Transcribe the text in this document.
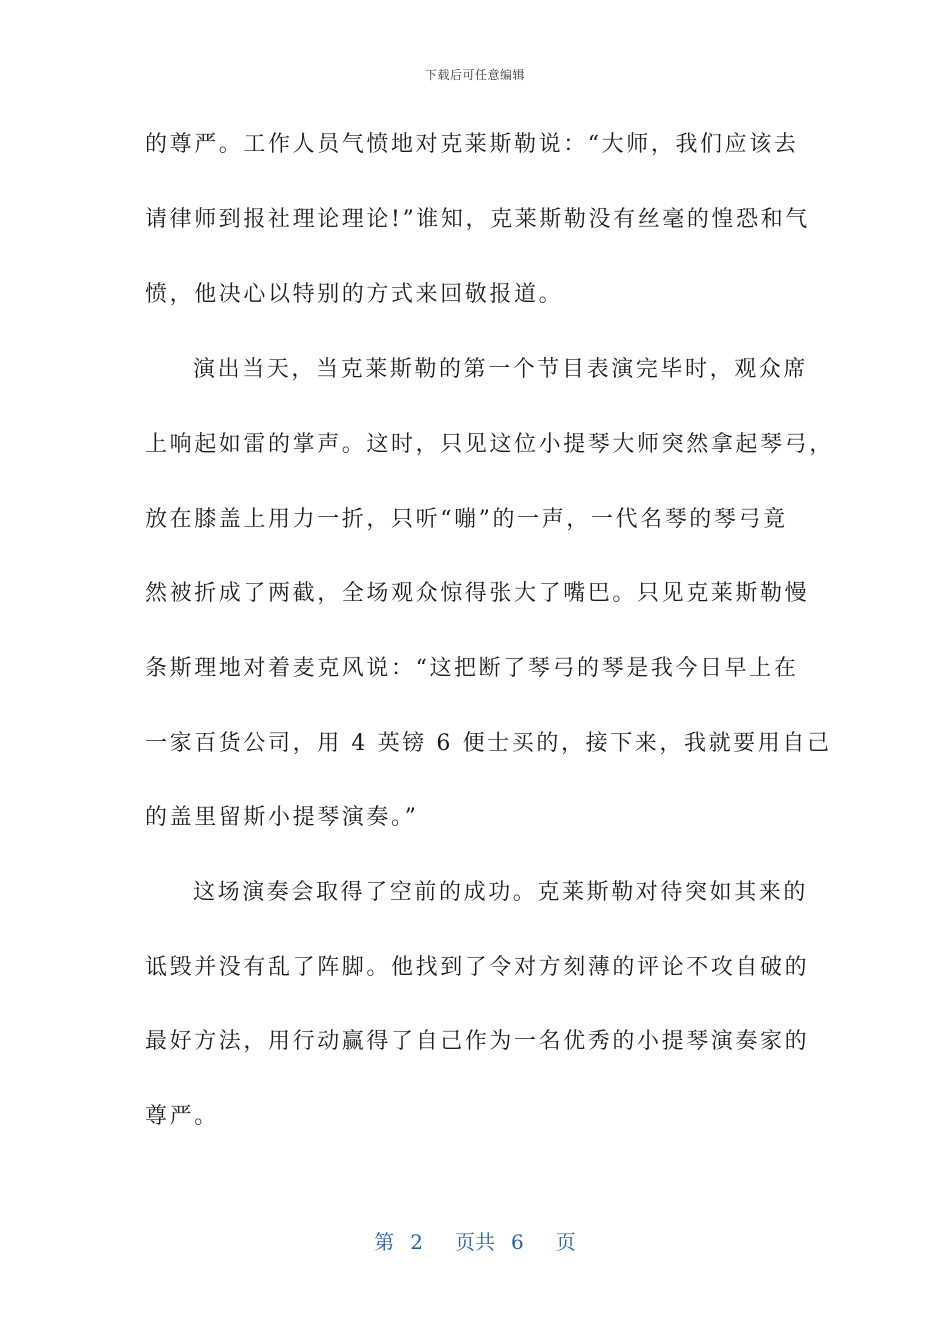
下载后可任意编辑
的尊严。工作人员气愤地对克莱斯勒说：“大师，我们应该去
请律师到报社理论理论!”谁知，克莱斯勒没有丝毫的惶恐和气
愤，他决心以特别的方式来回敬报道。
演出当天，当克莱斯勒的第一个节目表演完毕时，观众席
上响起如雷的掌声。这时，只见这位小提琴大师突然拿起琴弓，
放在膝盖上用力一折，只听“嘣”的一声，一代名琴的琴弓竟
然被折成了两截，全场观众惊得张大了嘴巴。只见克莱斯勒慢
条斯理地对着麦克风说：“这把断了琴弓的琴是我今日早上在
一家百货公司，用 4 英镑 6 便士买的，接下来，我就要用自己
的盖里留斯小提琴演奏。”
这场演奏会取得了空前的成功。克莱斯勒对待突如其来的
诋毁并没有乱了阵脚。他找到了令对方刻薄的评论不攻自破的
最好方法，用行动赢得了自己作为一名优秀的小提琴演奏家的
尊严。
第 2 页共 6 页
